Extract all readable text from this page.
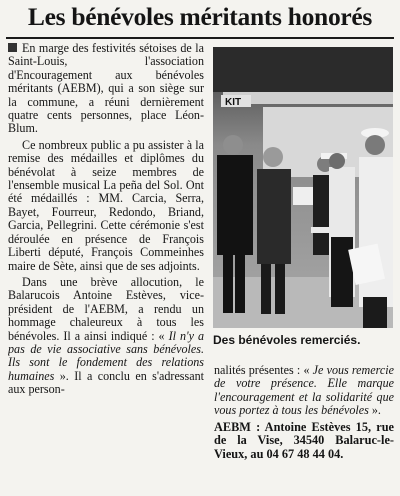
Les bénévoles méritants honorés

En marge des festivités sétoises de la Saint-Louis, l'association d'Encouragement aux bénévoles méritants (AEBM), qui a son siège sur la commune, a réuni dernièrement quatre cents personnes, place Léon-Blum.

Ce nombreux public a pu assister à la remise des médailles et diplômes du bénévolat à seize membres de l'ensemble musical La peña del Sol. Ont été médaillés : MM. Carcia, Serra, Bayet, Fourreur, Redondo, Briand, Garcia, Pellegrini. Cette cérémonie s'est déroulée en présence de François Liberti député, François Commeinhes maire de Sète, ainsi que de ses adjoints.

Dans une brève allocution, le Balarucois Antoine Estèves, vice-président de l'AEBM, a rendu un hommage chaleureux à tous les bénévoles. Il a ainsi indiqué : « Il n'y a pas de vie associative sans bénévoles. Ils sont le fondement des relations humaines ». Il a conclu en s'adressant aux person-

KIT
Des bénévoles remerciés.

nalités présentes : « Je vous remercie de votre présence. Elle marque l'encouragement et la solidarité que vous portez à tous les bénévoles ».

AEBM : Antoine Estèves 15, rue de la Vise, 34540 Balaruc-le-Vieux, au 04 67 48 44 04.
